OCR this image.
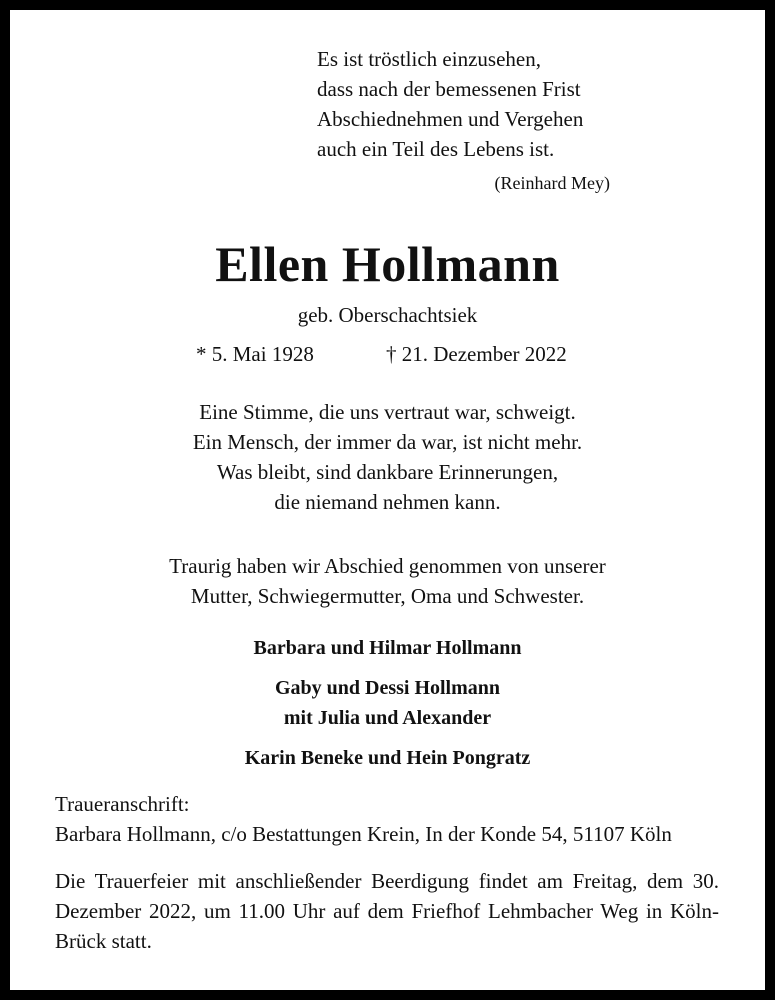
Es ist tröstlich einzusehen,
dass nach der bemessenen Frist
Abschiednehmen und Vergehen
auch ein Teil des Lebens ist.
(Reinhard Mey)
Ellen Hollmann
geb. Oberschachtsiek
* 5. Mai 1928	† 21. Dezember 2022
Eine Stimme, die uns vertraut war, schweigt.
Ein Mensch, der immer da war, ist nicht mehr.
Was bleibt, sind dankbare Erinnerungen,
die niemand nehmen kann.
Traurig haben wir Abschied genommen von unserer
Mutter, Schwiegermutter, Oma und Schwester.
Barbara und Hilmar Hollmann
Gaby und Dessi Hollmann
mit Julia und Alexander
Karin Beneke und Hein Pongratz
Traueranschrift:
Barbara Hollmann, c/o Bestattungen Krein, In der Konde 54, 51107 Köln
Die Trauerfeier mit anschließender Beerdigung findet am Freitag, dem 30. Dezember 2022, um 11.00 Uhr auf dem Friefhof Lehmbacher Weg in Köln-Brück statt.
